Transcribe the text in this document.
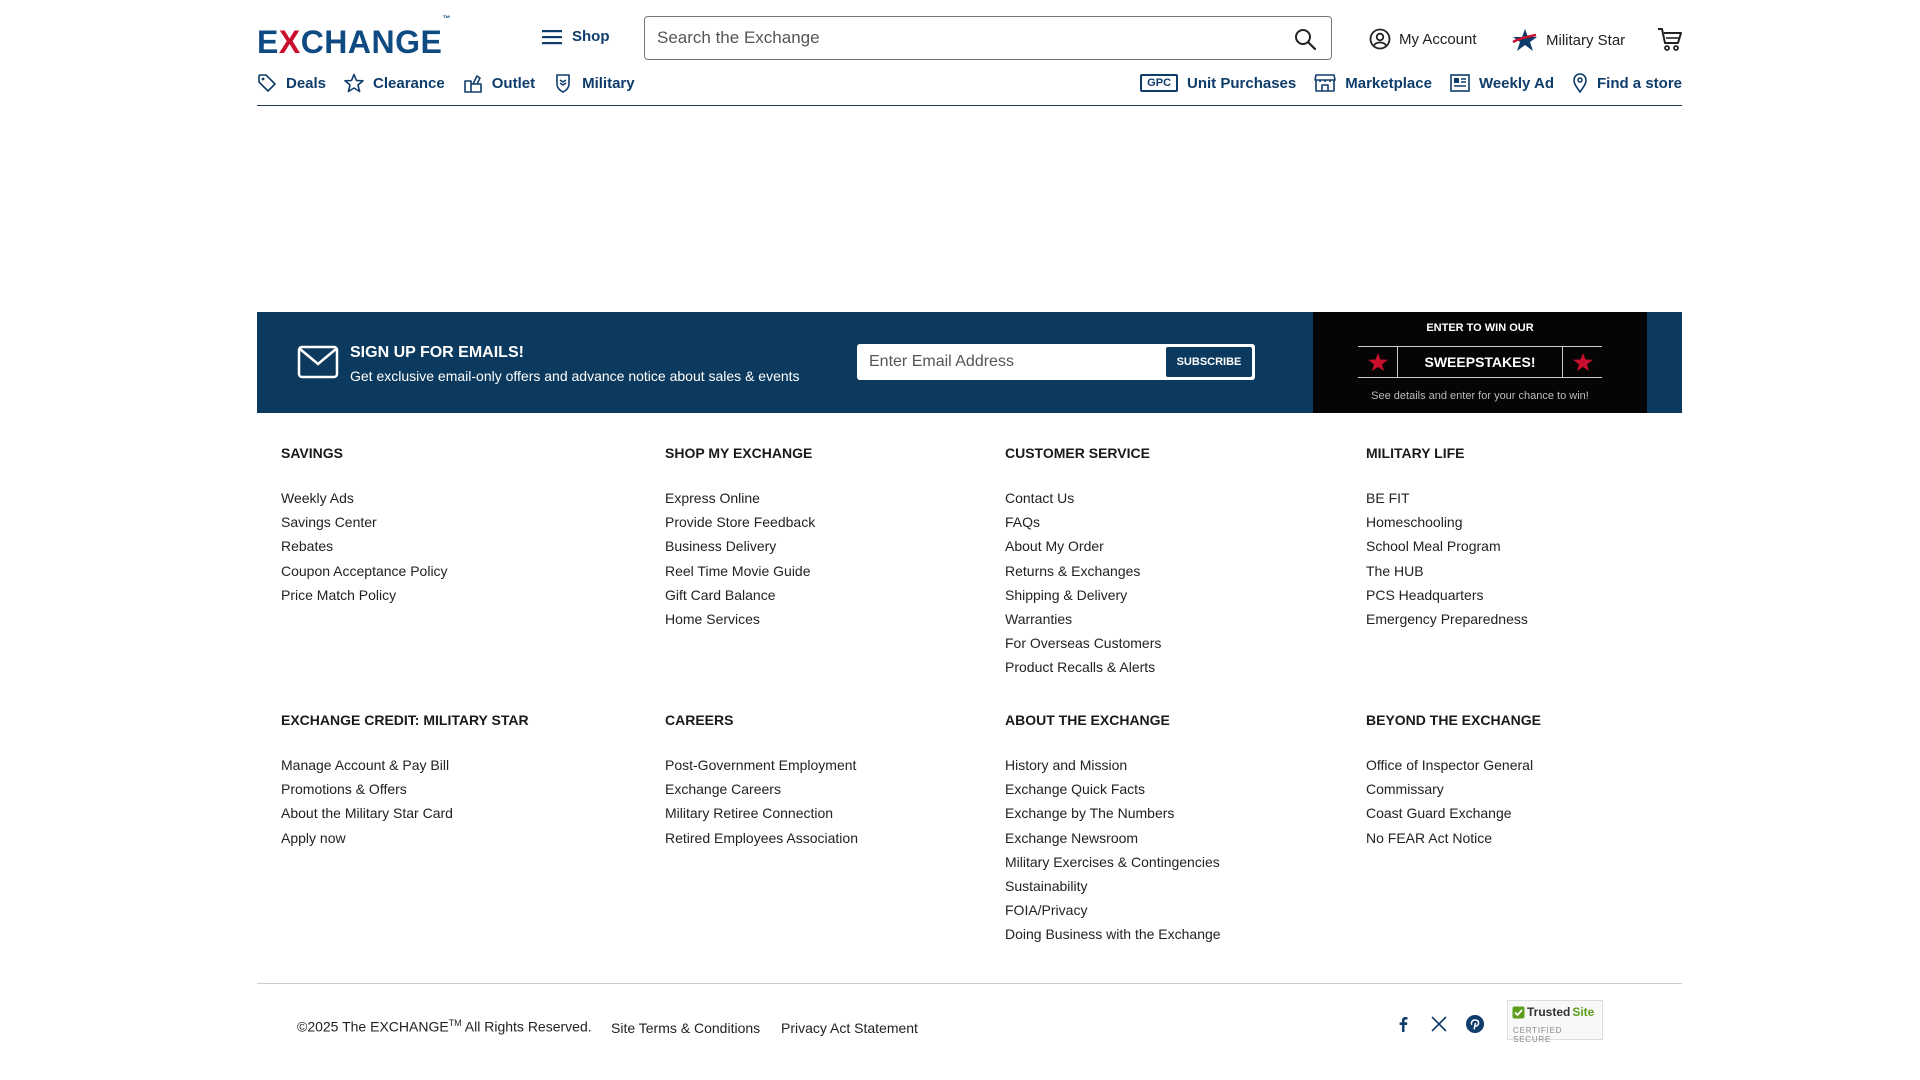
EXCHANGE™
Shop
Search the Exchange	My Account	Military Star
Deals	Clearance	Outlet	Military	GPC	Unit Purchases	Marketplace	Weekly Ad	Find a store
SIGN UP FOR EMAILS!
Get exclusive email-only offers and advance notice about sales & events
Enter Email Address
SUBSCRIBE
ENTER TO WIN OUR
SWEEPSTAKES!
See details and enter for your chance to win!
SAVINGS
Weekly Ads
Savings Center
Rebates
Coupon Acceptance Policy
Price Match Policy
SHOP MY EXCHANGE
Express Online
Provide Store Feedback
Business Delivery
Reel Time Movie Guide
Gift Card Balance
Home Services
CUSTOMER SERVICE
Contact Us
FAQs
About My Order
Returns & Exchanges
Shipping & Delivery
Warranties
For Overseas Customers
Product Recalls & Alerts
MILITARY LIFE
BE FIT
Homeschooling
School Meal Program
The HUB
PCS Headquarters
Emergency Preparedness
EXCHANGE CREDIT: MILITARY STAR
Manage Account & Pay Bill
Promotions & Offers
About the Military Star Card
Apply now
CAREERS
Post-Government Employment
Exchange Careers
Military Retiree Connection
Retired Employees Association
ABOUT THE EXCHANGE
History and Mission
Exchange Quick Facts
Exchange by The Numbers
Exchange Newsroom
Military Exercises & Contingencies
Sustainability
FOIA/Privacy
Doing Business with the Exchange
BEYOND THE EXCHANGE
Office of Inspector General
Commissary
Coast Guard Exchange
No FEAR Act Notice
©2025 The EXCHANGE™ All Rights Reserved. Site Terms & Conditions Privacy Act Statement
Trusted Site
CERTIFIED SECURE
